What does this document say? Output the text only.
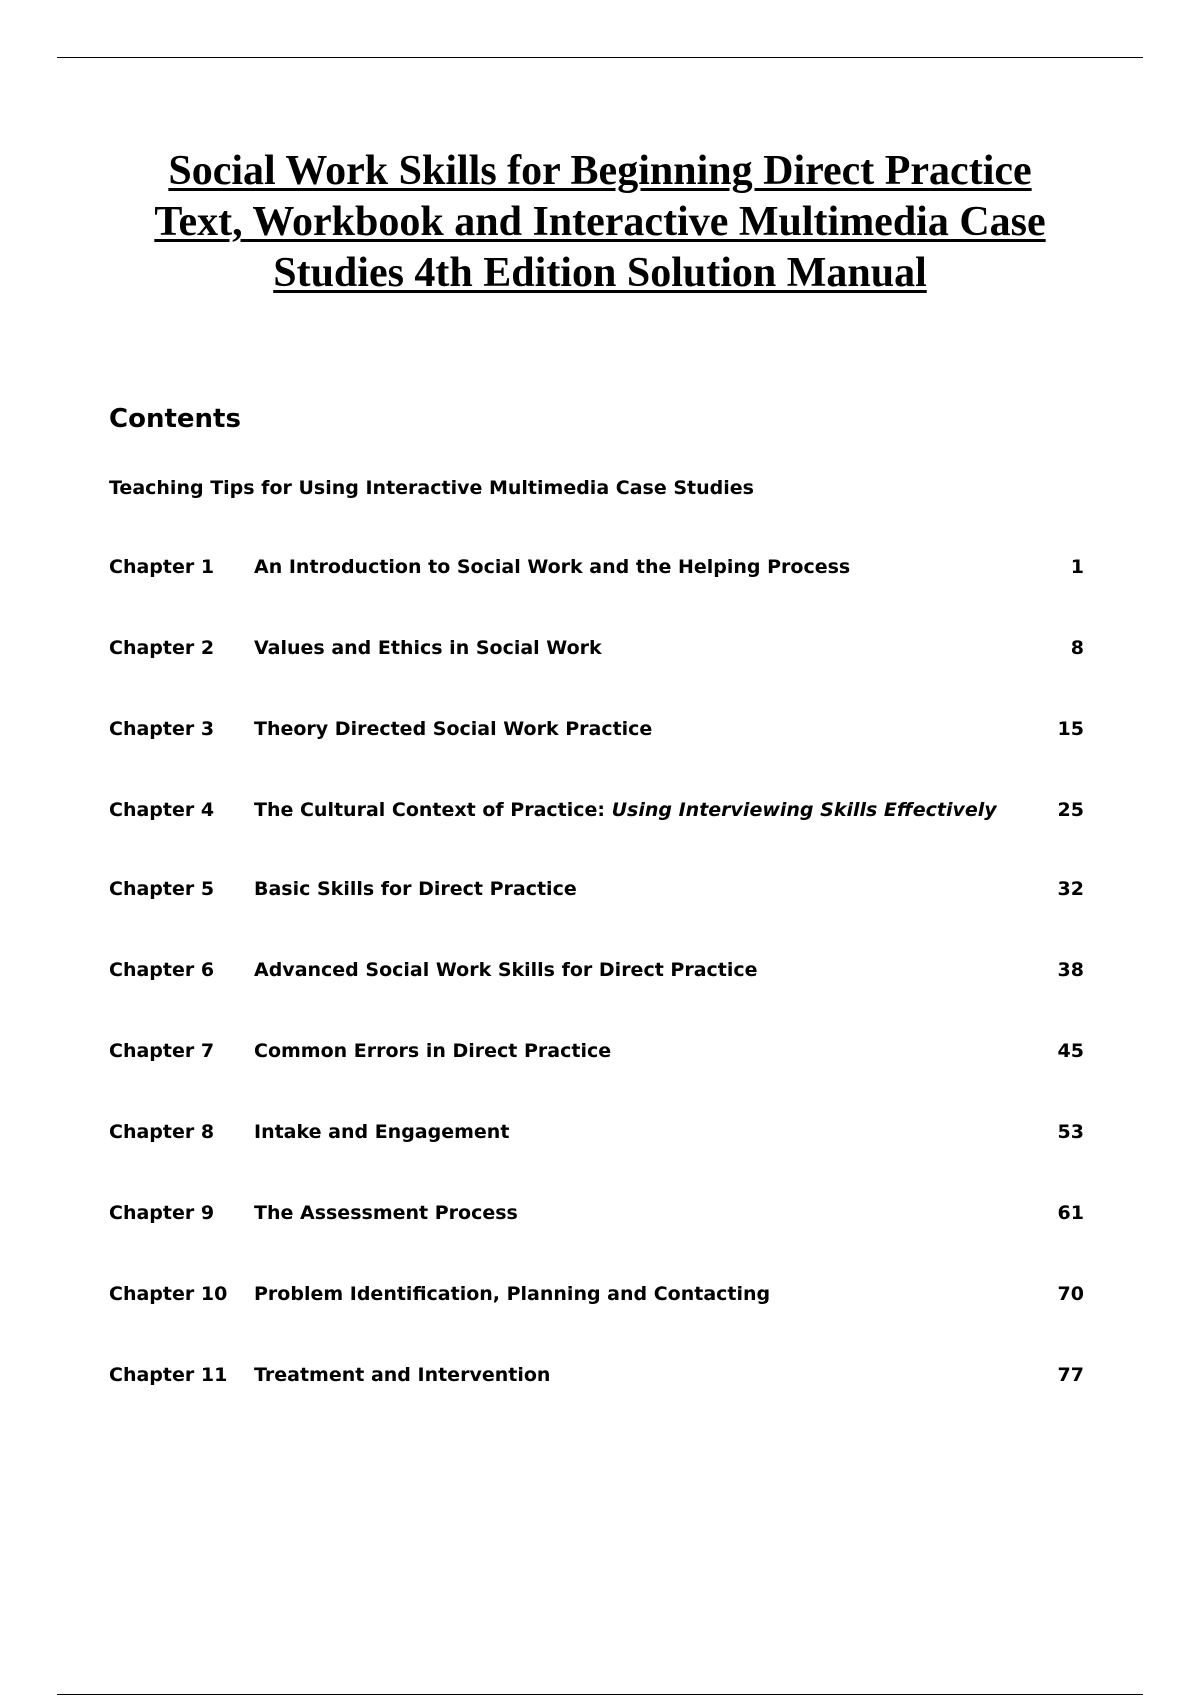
Social Work Skills for Beginning Direct Practice
Text, Workbook and Interactive Multimedia Case
Studies 4th Edition Solution Manual
Contents
Teaching Tips for Using Interactive Multimedia Case Studies
Chapter 1	An Introduction to Social Work and the Helping Process	1
Chapter 2	Values and Ethics in Social Work	8
Chapter 3	Theory Directed Social Work Practice	15
Chapter 4	The Cultural Context of Practice: Using Interviewing Skills Effectively	25
Chapter 5	Basic Skills for Direct Practice	32
Chapter 6	Advanced Social Work Skills for Direct Practice	38
Chapter 7	Common Errors in Direct Practice	45
Chapter 8	Intake and Engagement	53
Chapter 9	The Assessment Process	61
Chapter 10	Problem Identification, Planning and Contacting	70
Chapter 11	Treatment and Intervention	77
